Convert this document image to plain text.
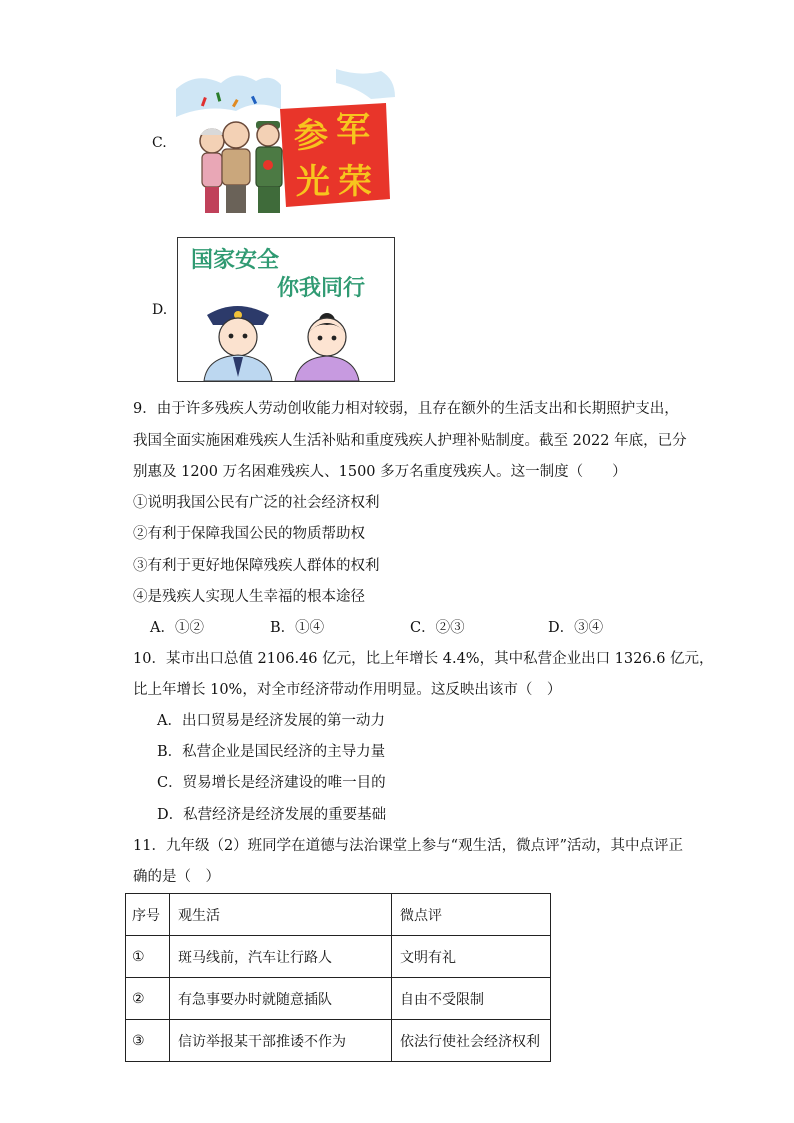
C.	参 军
光 荣
D.
国家安全
你我同行
9．由于许多残疾人劳动创收能力相对较弱，且存在额外的生活支出和长期照护支出，
我国全面实施困难残疾人生活补贴和重度残疾人护理补贴制度。截至 2022 年底，已分
别惠及 1200 万名困难残疾人、1500 多万名重度残疾人。这一制度（　　）
①说明我国公民有广泛的社会经济权利
②有利于保障我国公民的物质帮助权
③有利于更好地保障残疾人群体的权利
④是残疾人实现人生幸福的根本途径
A．①②	B．①④	C．②③	D．③④
10．某市出口总值 2106.46 亿元，比上年增长 4.4%，其中私营企业出口 1326.6 亿元，
比上年增长 10%，对全市经济带动作用明显。这反映出该市（　）
A．出口贸易是经济发展的第一动力
B．私营企业是国民经济的主导力量
C．贸易增长是经济建设的唯一目的
D．私营经济是经济发展的重要基础
11．九年级（2）班同学在道德与法治课堂上参与“观生活，微点评”活动，其中点评正
确的是（　）
序号	观生活	微点评
①	斑马线前，汽车让行路人	文明有礼
②	有急事要办时就随意插队	自由不受限制
③	信访举报某干部推诿不作为	依法行使社会经济权利
